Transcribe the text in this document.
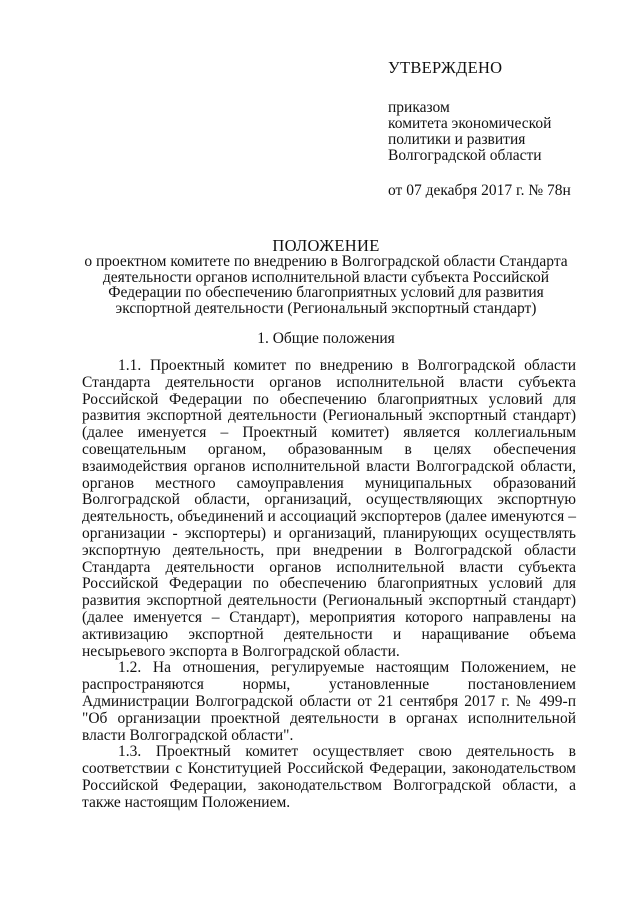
УТВЕРЖДЕНО
приказом
комитета экономической
политики и развития
Волгоградской области
от 07 декабря 2017 г. № 78н
ПОЛОЖЕНИЕ
о проектном комитете по внедрению в Волгоградской области Стандарта деятельности органов исполнительной власти субъекта Российской Федерации по обеспечению благоприятных условий для развития экспортной деятельности (Региональный экспортный стандарт)
1. Общие положения

1.1. Проектный комитет по внедрению в Волгоградской области Стандарта деятельности органов исполнительной власти субъекта Российской Федерации по обеспечению благоприятных условий для развития экспортной деятельности (Региональный экспортный стандарт) (далее именуется – Проектный комитет) является коллегиальным совещательным органом, образованным в целях обеспечения взаимодействия органов исполнительной власти Волгоградской области, органов местного самоуправления муниципальных образований Волгоградской области, организаций, осуществляющих экспортную деятельность, объединений и ассоциаций экспортеров (далее именуются – организации - экспортеры) и организаций, планирующих осуществлять экспортную деятельность, при внедрении в Волгоградской области Стандарта деятельности органов исполнительной власти субъекта Российской Федерации по обеспечению благоприятных условий для развития экспортной деятельности (Региональный экспортный стандарт) (далее именуется – Стандарт), мероприятия которого направлены на активизацию экспортной деятельности и наращивание объема несырьевого экспорта в Волгоградской области.

1.2. На отношения, регулируемые настоящим Положением, не распространяются нормы, установленные постановлением Администрации Волгоградской области от 21 сентября 2017 г. № 499-п "Об организации проектной деятельности в органах исполнительной власти Волгоградской области".

1.3. Проектный комитет осуществляет свою деятельность в соответствии с Конституцией Российской Федерации, законодательством Российской Федерации, законодательством Волгоградской области, а также настоящим Положением.
